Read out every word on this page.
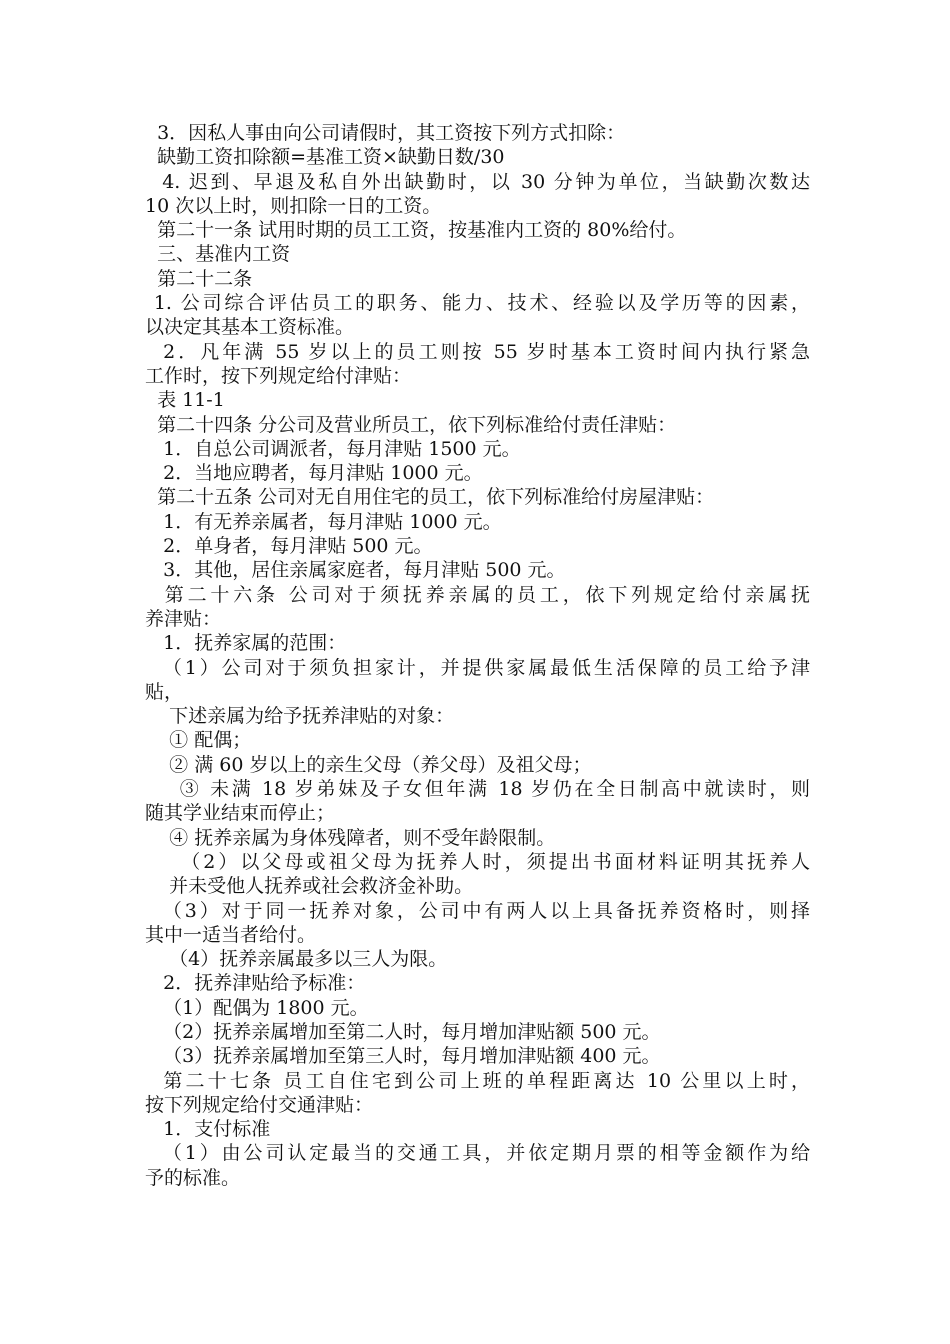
3．因私人事由向公司请假时，其工资按下列方式扣除：
缺勤工资扣除额=基准工资×缺勤日数/30
4. 迟到、早退及私自外出缺勤时，以 30 分钟为单位，当缺勤次数达
10 次以上时，则扣除一日的工资。
第二十一条 试用时期的员工工资，按基准内工资的 80%给付。
三、基准内工资
第二十二条
1. 公司综合评估员工的职务、能力、技术、经验以及学历等的因素，
以决定其基本工资标准。
2．凡年满 55 岁以上的员工则按 55 岁时基本工资时间内执行紧急
工作时，按下列规定给付津贴：
表 11-1
第二十四条 分公司及营业所员工，依下列标准给付责任津贴：
1．自总公司调派者，每月津贴 1500 元。
2．当地应聘者，每月津贴 1000 元。
第二十五条 公司对无自用住宅的员工，依下列标准给付房屋津贴：
1．有无养亲属者，每月津贴 1000 元。
2．单身者，每月津贴 500 元。
3．其他，居住亲属家庭者，每月津贴 500 元。
第二十六条 公司对于须抚养亲属的员工，依下列规定给付亲属抚
养津贴：
1．抚养家属的范围：
（1）公司对于须负担家计，并提供家属最低生活保障的员工给予津
贴，
下述亲属为给予抚养津贴的对象：
① 配偶；
② 满 60 岁以上的亲生父母（养父母）及祖父母；
③ 未满 18 岁弟妹及子女但年满 18 岁仍在全日制高中就读时，则
随其学业结束而停止；
④ 抚养亲属为身体残障者，则不受年龄限制。
（2）以父母或祖父母为抚养人时，须提出书面材料证明其抚养人
并未受他人抚养或社会救济金补助。
（3）对于同一抚养对象，公司中有两人以上具备抚养资格时，则择
其中一适当者给付。
（4）抚养亲属最多以三人为限。
2．抚养津贴给予标准：
（1）配偶为 1800 元。
（2）抚养亲属增加至第二人时，每月增加津贴额 500 元。
（3）抚养亲属增加至第三人时，每月增加津贴额 400 元。
第二十七条 员工自住宅到公司上班的单程距离达 10 公里以上时，
按下列规定给付交通津贴：
1．支付标准
（1）由公司认定最当的交通工具，并依定期月票的相等金额作为给
予的标准。
